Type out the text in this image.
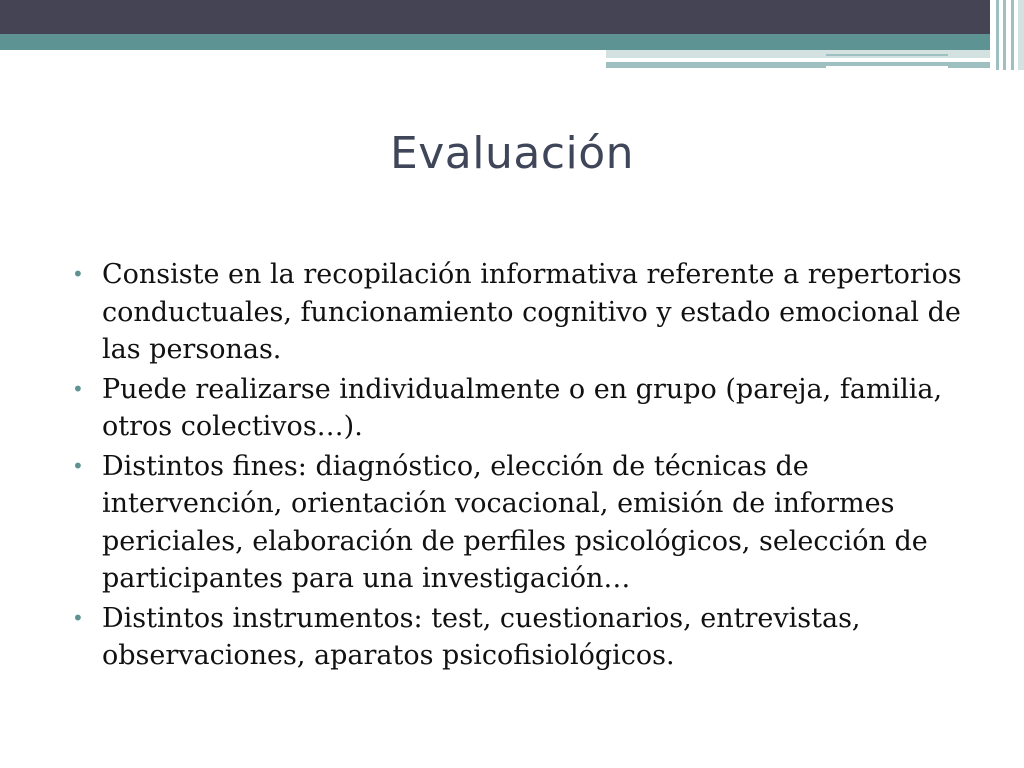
Evaluación
• Consiste en la recopilación informativa referente a repertorios conductuales, funcionamiento cognitivo y estado emocional de las personas.
• Puede realizarse individualmente o en grupo (pareja, familia, otros colectivos…).
• Distintos fines: diagnóstico, elección de técnicas de intervención, orientación vocacional, emisión de informes periciales, elaboración de perfiles psicológicos, selección de participantes para una investigación…
• Distintos instrumentos: test, cuestionarios, entrevistas, observaciones, aparatos psicofisiológicos.
